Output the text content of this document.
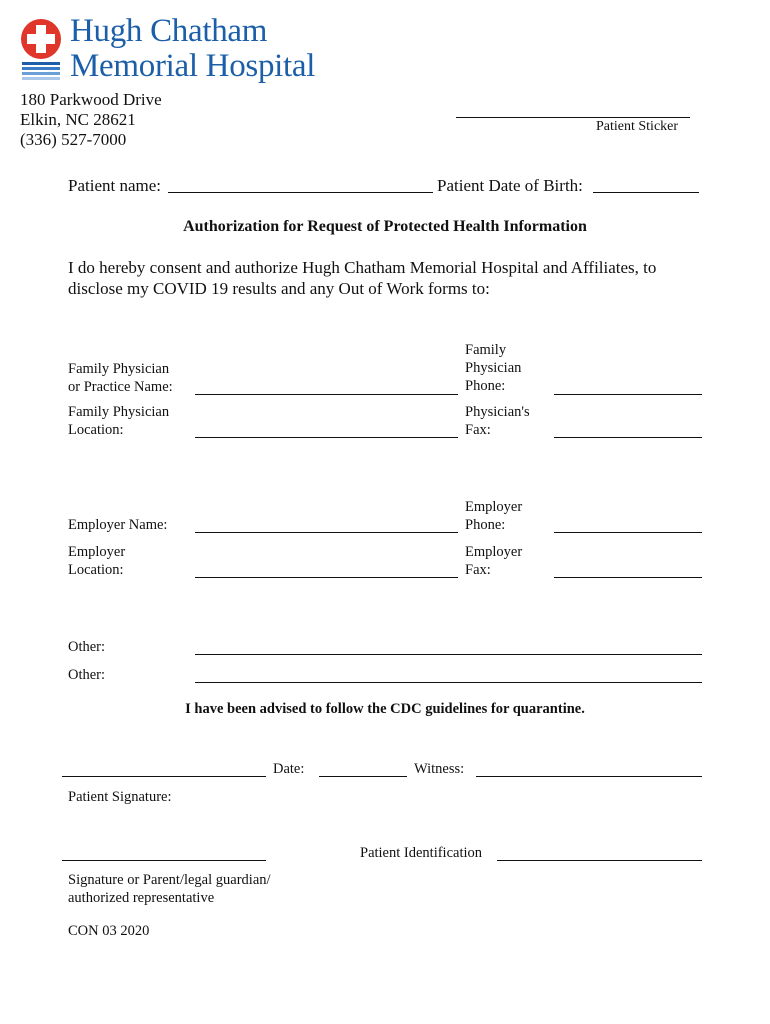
Hugh Chatham
Memorial Hospital
180 Parkwood Drive
Elkin, NC 28621
(336) 527-7000
Patient Sticker
Patient name:	Patient Date of Birth:
Authorization for Request of Protected Health Information
I do hereby consent and authorize Hugh Chatham Memorial Hospital and Affiliates, to disclose my COVID 19 results and any Out of Work forms to:
Family Physician
or Practice Name:
Family
Physician
Phone:
Family Physician
Location:
Physician's
Fax:
Employer Name:
Employer
Phone:
Employer
Location:
Employer
Fax:
Other:
Other:
I have been advised to follow the CDC guidelines for quarantine.
Date:	Witness:
Patient Signature:
Patient Identification
Signature or Parent/legal guardian/
authorized representative
CON 03 2020
